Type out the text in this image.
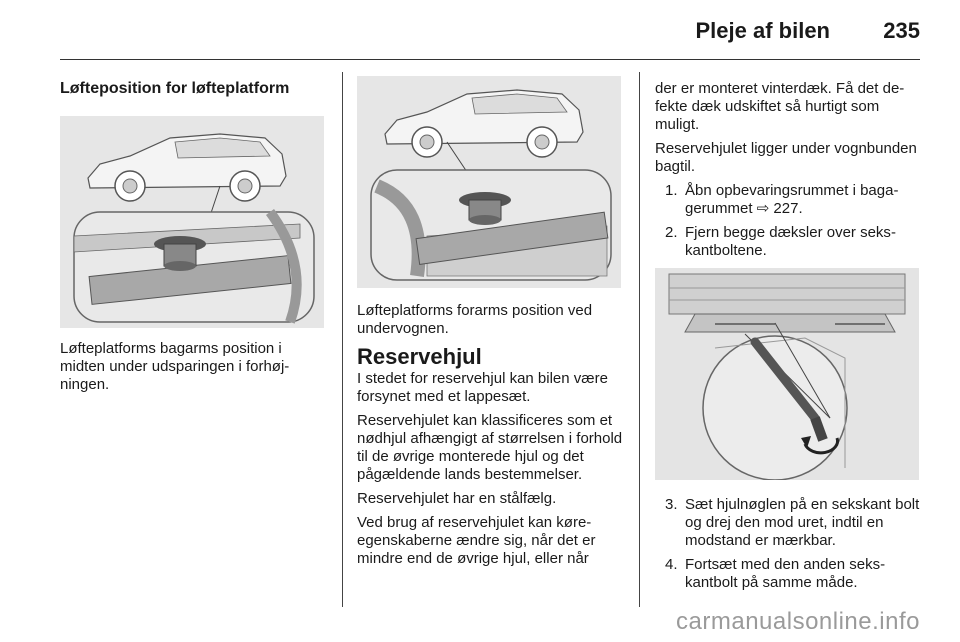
Pleje af bilen 235
Løfteposition for løfteplatform
Løfteplatforms bagarms position i midten under udsparingen i forhøjningen.
Løfteplatforms forarms position ved undervognen.
Reservehjul

I stedet for reservehjul kan bilen være forsynet med et lappesæt.

Reservehjulet kan klassificeres som et nødhjul afhængigt af størrelsen i forhold til de øvrige monterede hjul og det pågældende lands bestemmelser.

Reservehjulet har en stålfælg.

Ved brug af reservehjulet kan køreegenskaberne ændre sig, når det er mindre end de øvrige hjul, eller når

der er monteret vinterdæk. Få det defekte dæk udskiftet så hurtigt som muligt.

Reservehjulet ligger under vognbunden bagtil.

1. Åbn opbevaringsrummet i bagagerummet ⇨ 227.
2. Fjern begge dæksler over sekskantboltene.
3. Sæt hjulnøglen på en sekskant bolt og drej den mod uret, indtil en modstand er mærkbar.
4. Fortsæt med den anden sekskantbolt på samme måde.
carmanualsonline.info
